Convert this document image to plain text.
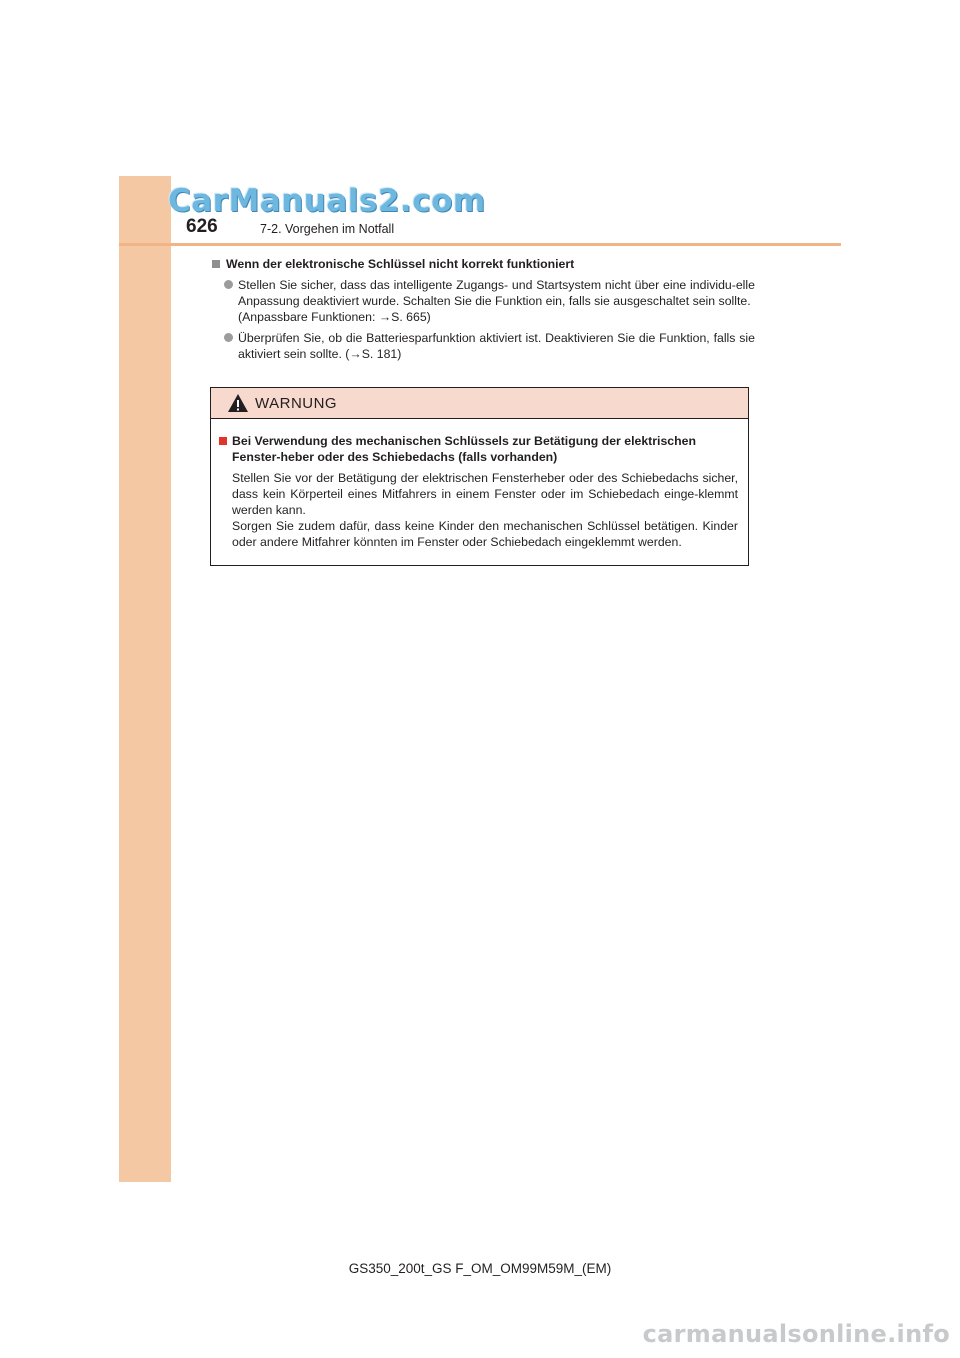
CarManuals2.com
626	7-2. Vorgehen im Notfall
Wenn der elektronische Schlüssel nicht korrekt funktioniert

Stellen Sie sicher, dass das intelligente Zugangs- und Startsystem nicht über eine individu-elle Anpassung deaktiviert wurde. Schalten Sie die Funktion ein, falls sie ausgeschaltet sein sollte.

(Anpassbare Funktionen: →S. 665)

Überprüfen Sie, ob die Batteriesparfunktion aktiviert ist. Deaktivieren Sie die Funktion, falls sie aktiviert sein sollte. (→S. 181)

WARNUNG
Bei Verwendung des mechanischen Schlüssels zur Betätigung der elektrischen Fenster-heber oder des Schiebedachs (falls vorhanden)

Stellen Sie vor der Betätigung der elektrischen Fensterheber oder des Schiebedachs sicher, dass kein Körperteil eines Mitfahrers in einem Fenster oder im Schiebedach einge-klemmt werden kann.

Sorgen Sie zudem dafür, dass keine Kinder den mechanischen Schlüssel betätigen. Kinder oder andere Mitfahrer könnten im Fenster oder Schiebedach eingeklemmt werden.

GS350_200t_GS F_OM_OM99M59M_(EM)
carmanualsonline.info
